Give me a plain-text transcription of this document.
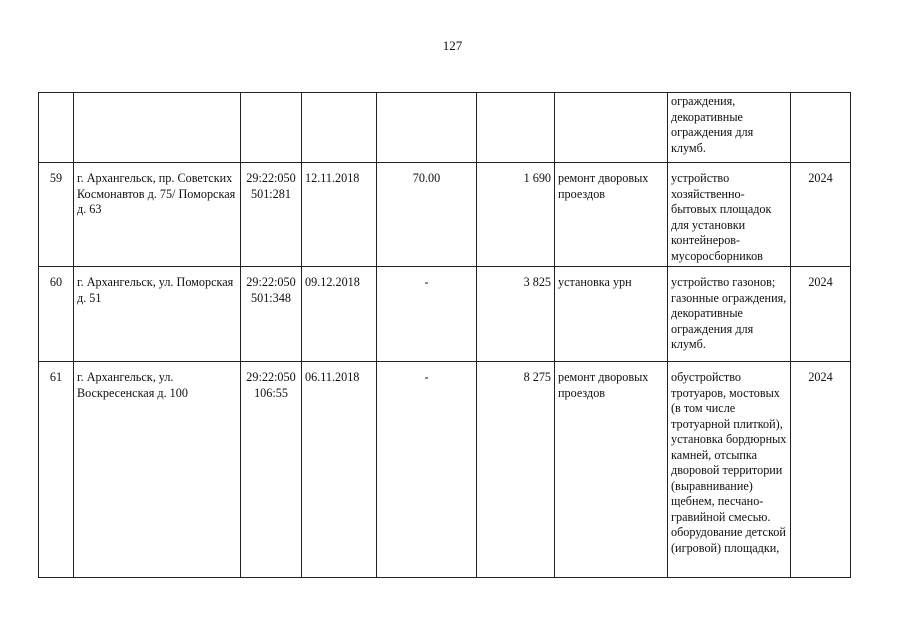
127
							ограждения, декоративные ограждения для клумб.	
59	г. Архангельск, пр. Советских Космонавтов д. 75/ Поморская д. 63	29:22:050 501:281	12.11.2018	70.00	1 690	ремонт дворовых проездов	устройство хозяйственно-бытовых площадок для установки контейнеров-мусоросборников	2024
60	г. Архангельск, ул. Поморская д. 51	29:22:050 501:348	09.12.2018	-	3 825	установка урн	устройство газонов; газонные ограждения, декоративные ограждения для клумб.	2024
61	г. Архангельск, ул. Воскресенская д. 100	29:22:050 106:55	06.11.2018	-	8 275	ремонт дворовых проездов	обустройство тротуаров, мостовых (в том числе тротуарной плиткой), установка бордюрных камней, отсыпка дворовой территории (выравнивание) щебнем, песчано-гравийной смесью. оборудование детской (игровой) площадки,	2024
